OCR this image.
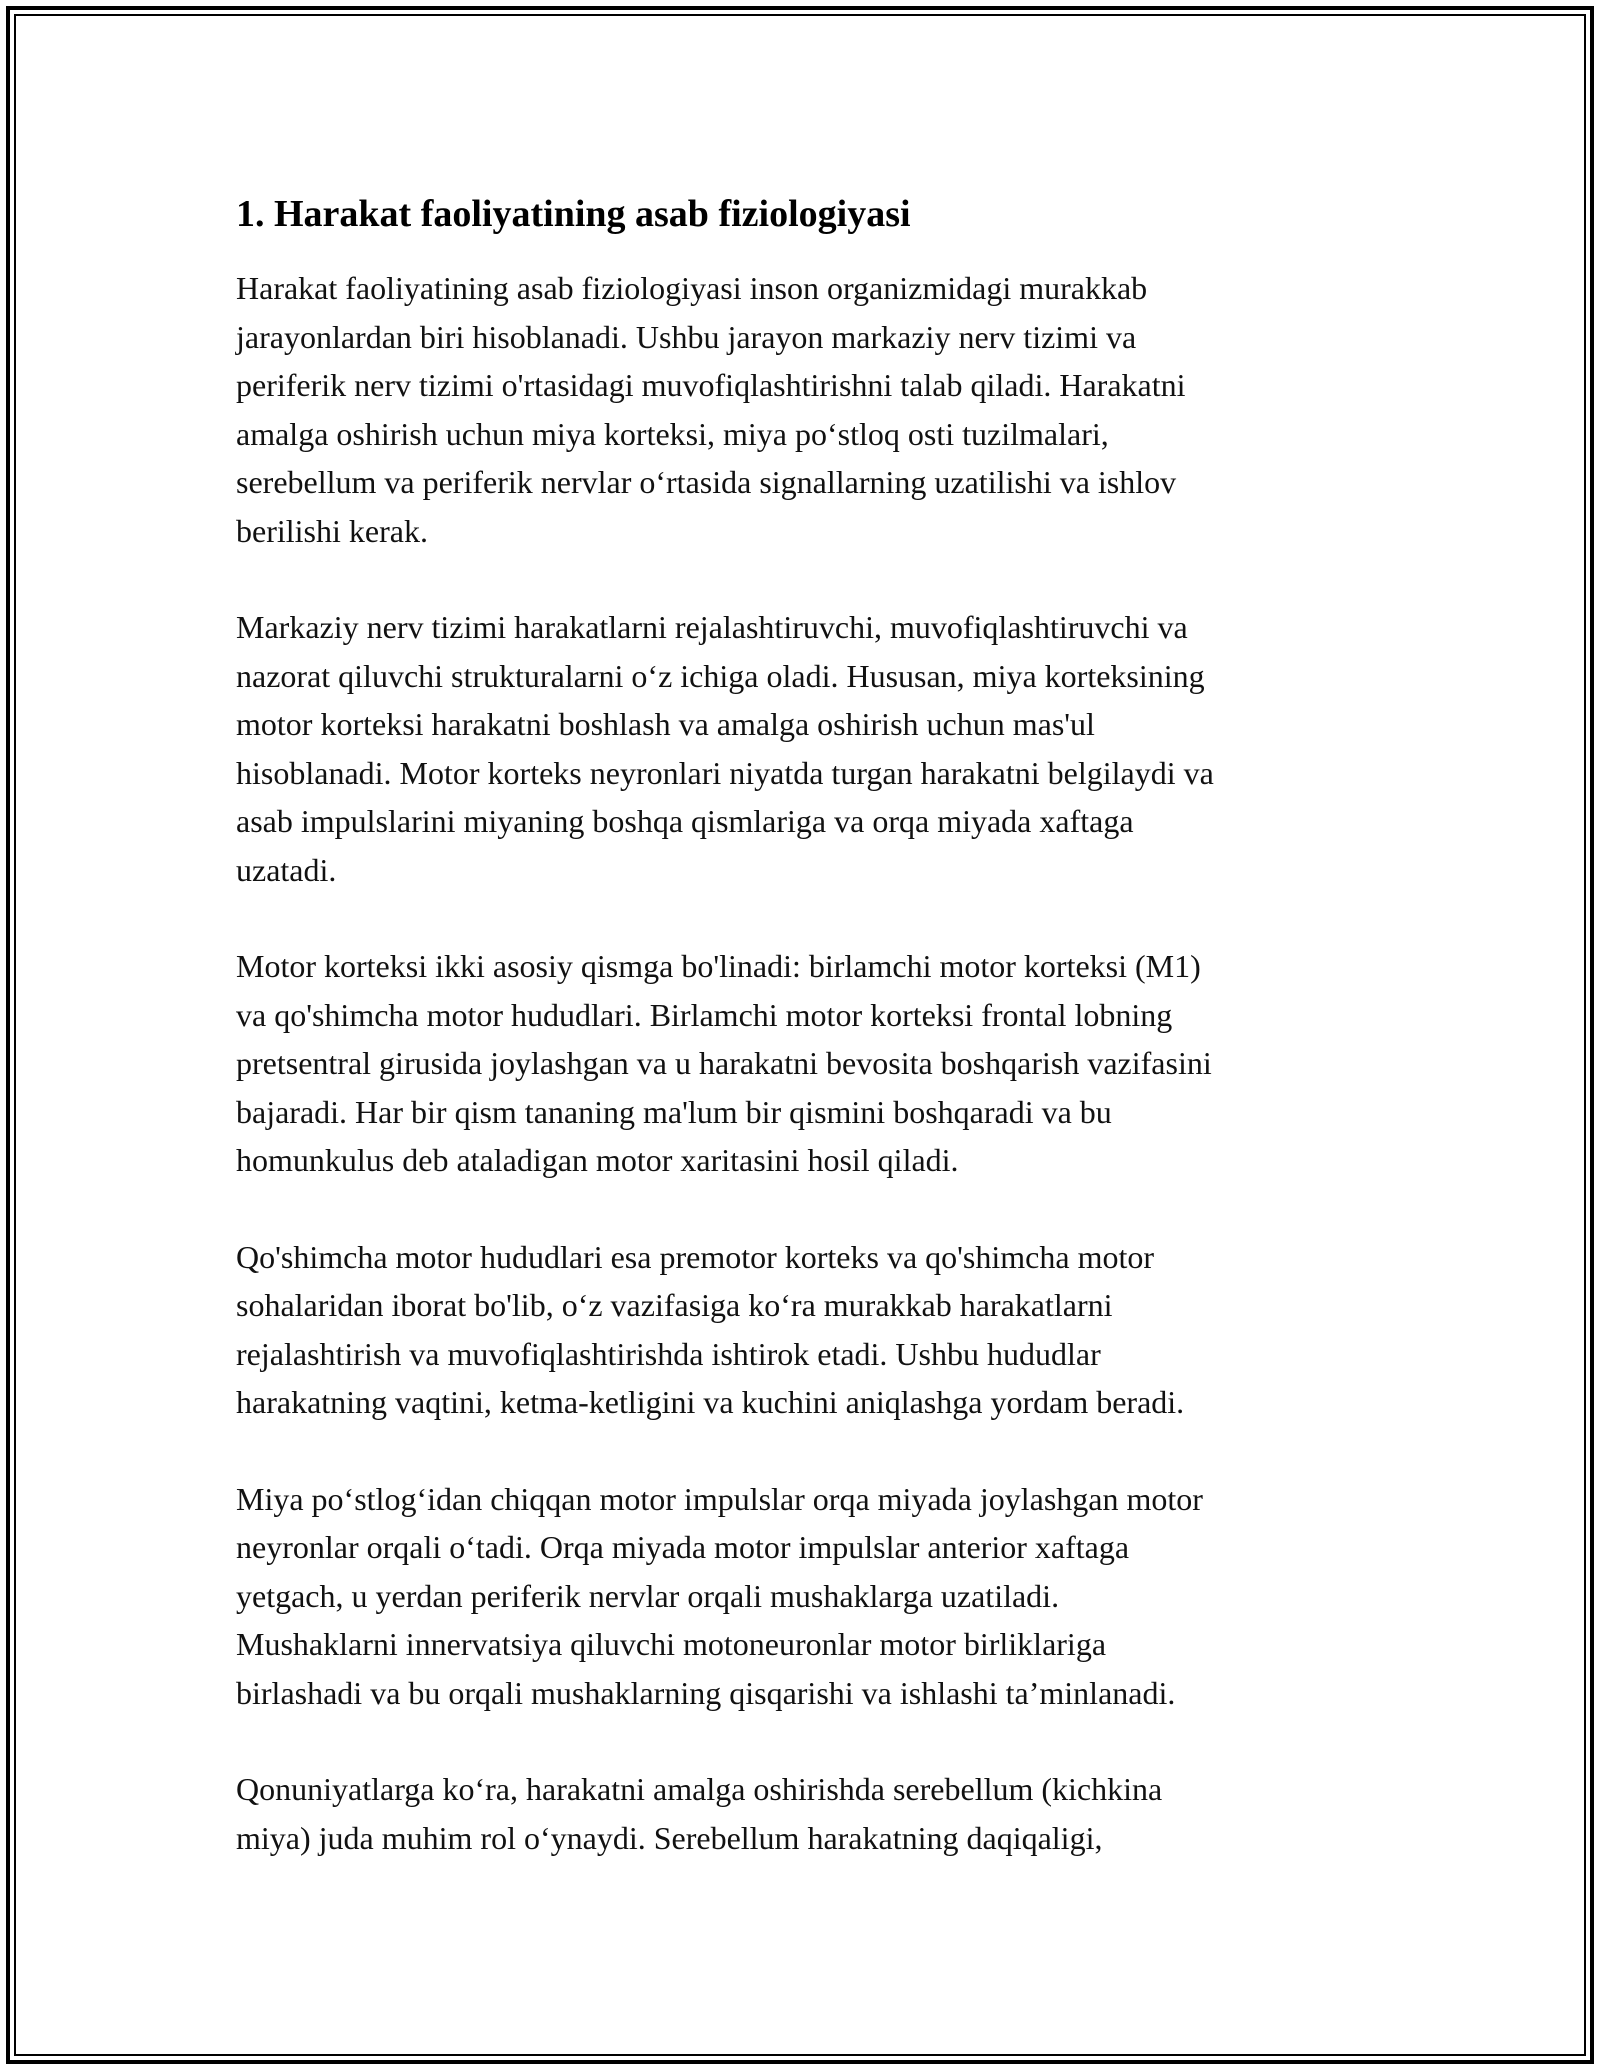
1. Harakat faoliyatining asab fiziologiyasi

Harakat faoliyatining asab fiziologiyasi inson organizmidagi murakkab
jarayonlardan biri hisoblanadi. Ushbu jarayon markaziy nerv tizimi va
periferik nerv tizimi o'rtasidagi muvofiqlashtirishni talab qiladi. Harakatni
amalga oshirish uchun miya korteksi, miya po‘stloq osti tuzilmalari,
serebellum va periferik nervlar o‘rtasida signallarning uzatilishi va ishlov
berilishi kerak.

Markaziy nerv tizimi harakatlarni rejalashtiruvchi, muvofiqlashtiruvchi va
nazorat qiluvchi strukturalarni o‘z ichiga oladi. Hususan, miya korteksining
motor korteksi harakatni boshlash va amalga oshirish uchun mas'ul
hisoblanadi. Motor korteks neyronlari niyatda turgan harakatni belgilaydi va
asab impulslarini miyaning boshqa qismlariga va orqa miyada xaftaga
uzatadi.

Motor korteksi ikki asosiy qismga bo'linadi: birlamchi motor korteksi (M1)
va qo'shimcha motor hududlari. Birlamchi motor korteksi frontal lobning
pretsentral girusida joylashgan va u harakatni bevosita boshqarish vazifasini
bajaradi. Har bir qism tananing ma'lum bir qismini boshqaradi va bu
homunkulus deb ataladigan motor xaritasini hosil qiladi.

Qo'shimcha motor hududlari esa premotor korteks va qo'shimcha motor
sohalaridan iborat bo'lib, o‘z vazifasiga ko‘ra murakkab harakatlarni
rejalashtirish va muvofiqlashtirishda ishtirok etadi. Ushbu hududlar
harakatning vaqtini, ketma-ketligini va kuchini aniqlashga yordam beradi.

Miya po‘stlog‘idan chiqqan motor impulslar orqa miyada joylashgan motor
neyronlar orqali o‘tadi. Orqa miyada motor impulslar anterior xaftaga
yetgach, u yerdan periferik nervlar orqali mushaklarga uzatiladi.
Mushaklarni innervatsiya qiluvchi motoneuronlar motor birliklariga
birlashadi va bu orqali mushaklarning qisqarishi va ishlashi ta’minlanadi.

Qonuniyatlarga ko‘ra, harakatni amalga oshirishda serebellum (kichkina
miya) juda muhim rol o‘ynaydi. Serebellum harakatning daqiqaligi,
